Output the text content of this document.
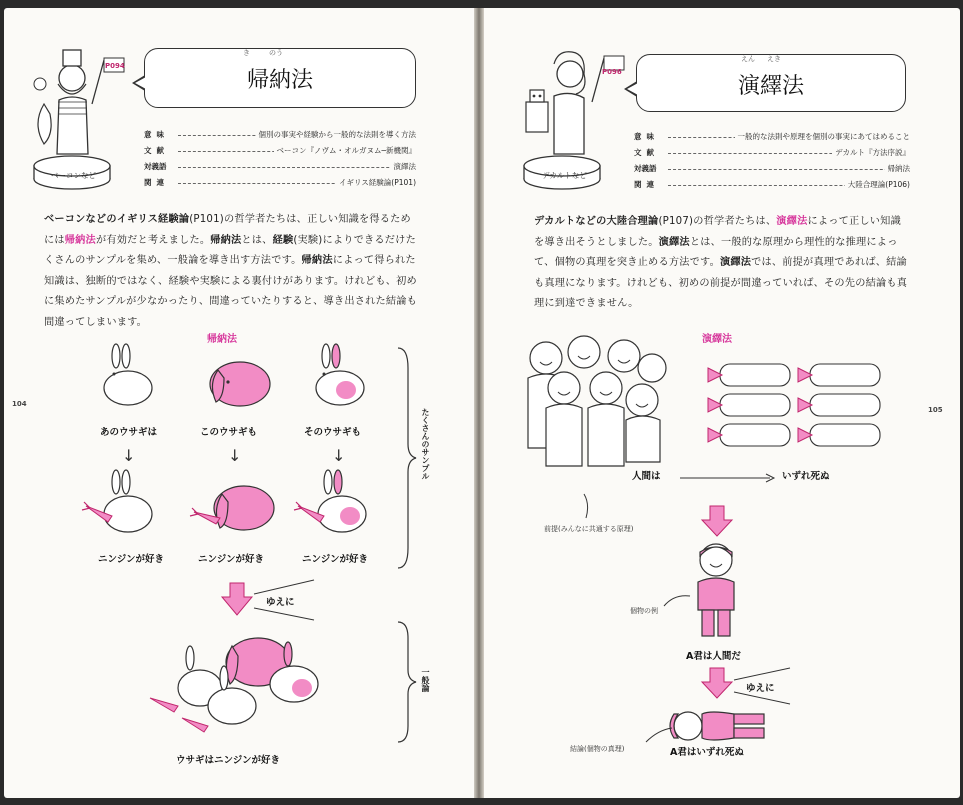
P094
ベーコンなど
き	のう
帰納法
意味	個別の事実や経験から一般的な法則を導く方法
文献	ベーコン『ノヴム・オルガヌム─新機関』
対義語	演繹法
関連	イギリス経験論(P101)
ベーコンなどのイギリス経験論(P101)の哲学者たちは、正しい知識を得るためには帰納法が有効だと考えました。帰納法とは、経験(実験)によりできるだけたくさんのサンプルを集め、一般論を導き出す方法です。帰納法によって得られた知識は、独断的ではなく、経験や実験による裏付けがあります。けれども、初めに集めたサンプルが少なかったり、間違っていたりすると、導き出された結論も間違ってしまいます。
帰納法
あのウサギは	このウサギも	そのウサギも
↓	↓	↓
ニンジンが好き	ニンジンが好き	ニンジンが好き
たくさんのサンプル
ゆえに
一般論
ウサギはニンジンが好き
104
P096
デカルトなど
えん えき
演繹法
意味	一般的な法則や原理を個別の事実にあてはめること
文献	デカルト『方法序説』
対義語	帰納法
関連	大陸合理論(P106)
デカルトなどの大陸合理論(P107)の哲学者たちは、演繹法によって正しい知識を導き出そうとしました。演繹法とは、一般的な原理から理性的な推理によって、個物の真理を突き止める方法です。演繹法では、前提が真理であれば、結論も真理になります。けれども、初めの前提が間違っていれば、その先の結論も真理に到達できません。
演繹法
人間は	いずれ死ぬ
前提(みんなに共通する原理)
個物の例
A君は人間だ
ゆえに
結論(個物の真理)	A君はいずれ死ぬ
105
